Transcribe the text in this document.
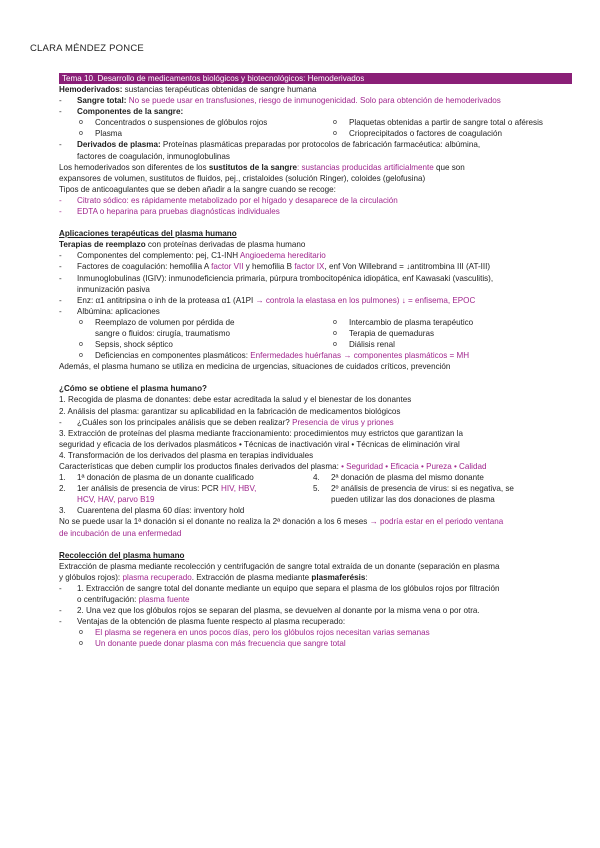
CLARA MÉNDEZ PONCE
Tema 10. Desarrollo de medicamentos biológicos y biotecnológicos: Hemoderivados
Hemoderivados: sustancias terapéuticas obtenidas de sangre humana
- Sangre total: No se puede usar en transfusiones, riesgo de inmunogenicidad. Solo para obtención de hemoderivados
- Componentes de la sangre:
o Concentrados o suspensiones de glóbulos rojos
o Plasma
o Plaquetas obtenidas a partir de sangre total o aféresis
o Crioprecipitados o factores de coagulación
- Derivados de plasma: Proteínas plasmáticas preparadas por protocolos de fabricación farmacéutica: albúmina,
factores de coagulación, inmunoglobulinas
Los hemoderivados son diferentes de los sustitutos de la sangre: sustancias producidas artificialmente que son
expansores de volumen, sustitutos de fluidos, pej., cristaloides (solución Ringer), coloides (gelofusina)
Tipos de anticoagulantes que se deben añadir a la sangre cuando se recoge:
- Citrato sódico: es rápidamente metabolizado por el hígado y desaparece de la circulación
- EDTA o heparina para pruebas diagnósticas individuales
Aplicaciones terapéuticas del plasma humano
Terapias de reemplazo con proteínas derivadas de plasma humano
- Componentes del complemento: pej, C1-INH Angioedema hereditario
- Factores de coagulación: hemofilia A factor VII y hemofilia B factor IX, enf Von Willebrand = ↓antitrombina III (AT-III)
- Inmunoglobulinas (IGIV): inmunodeficiencia primaria, púrpura trombocitopénica idiopática, enf Kawasaki (vasculitis),
inmunización pasiva
- Enz: α1 antitripsina o inh de la proteasa α1 (A1PI → controla la elastasa en los pulmones) ↓ = enfisema, EPOC
- Albúmina: aplicaciones
o Reemplazo de volumen por pérdida de
sangre o fluidos: cirugía, traumatismo
o Sepsis, shock séptico
o Intercambio de plasma terapéutico
o Terapia de quemaduras
o Diálisis renal
o Deficiencias en componentes plasmáticos: Enfermedades huérfanas → componentes plasmáticos = MH
Además, el plasma humano se utiliza en medicina de urgencias, situaciones de cuidados críticos, prevención
¿Cómo se obtiene el plasma humano?
1. Recogida de plasma de donantes: debe estar acreditada la salud y el bienestar de los donantes
2. Análisis del plasma: garantizar su aplicabilidad en la fabricación de medicamentos biológicos
- ¿Cuáles son los principales análisis que se deben realizar? Presencia de virus y priones
3. Extracción de proteínas del plasma mediante fraccionamiento: procedimientos muy estrictos que garantizan la
seguridad y eficacia de los derivados plasmáticos • Técnicas de inactivación viral • Técnicas de eliminación viral
4. Transformación de los derivados del plasma en terapias individuales
Características que deben cumplir los productos finales derivados del plasma: • Seguridad • Eficacia • Pureza • Calidad
1. 1ª donación de plasma de un donante cualificado
2. 1er análisis de presencia de virus: PCR HIV, HBV,
HCV, HAV, parvo B19
3. Cuarentena del plasma 60 días: inventory hold
4. 2ª donación de plasma del mismo donante
5. 2º análisis de presencia de virus: si es negativa, se
pueden utilizar las dos donaciones de plasma
No se puede usar la 1ª donación si el donante no realiza la 2ª donación a los 6 meses → podría estar en el periodo ventana
de incubación de una enfermedad
Recolección del plasma humano
Extracción de plasma mediante recolección y centrifugación de sangre total extraída de un donante (separación en plasma
y glóbulos rojos): plasma recuperado. Extracción de plasma mediante plasmaferésis:
- 1. Extracción de sangre total del donante mediante un equipo que separa el plasma de los glóbulos rojos por filtración
o centrifugación: plasma fuente
- 2. Una vez que los glóbulos rojos se separan del plasma, se devuelven al donante por la misma vena o por otra.
- Ventajas de la obtención de plasma fuente respecto al plasma recuperado:
o El plasma se regenera en unos pocos días, pero los glóbulos rojos necesitan varias semanas
o Un donante puede donar plasma con más frecuencia que sangre total
